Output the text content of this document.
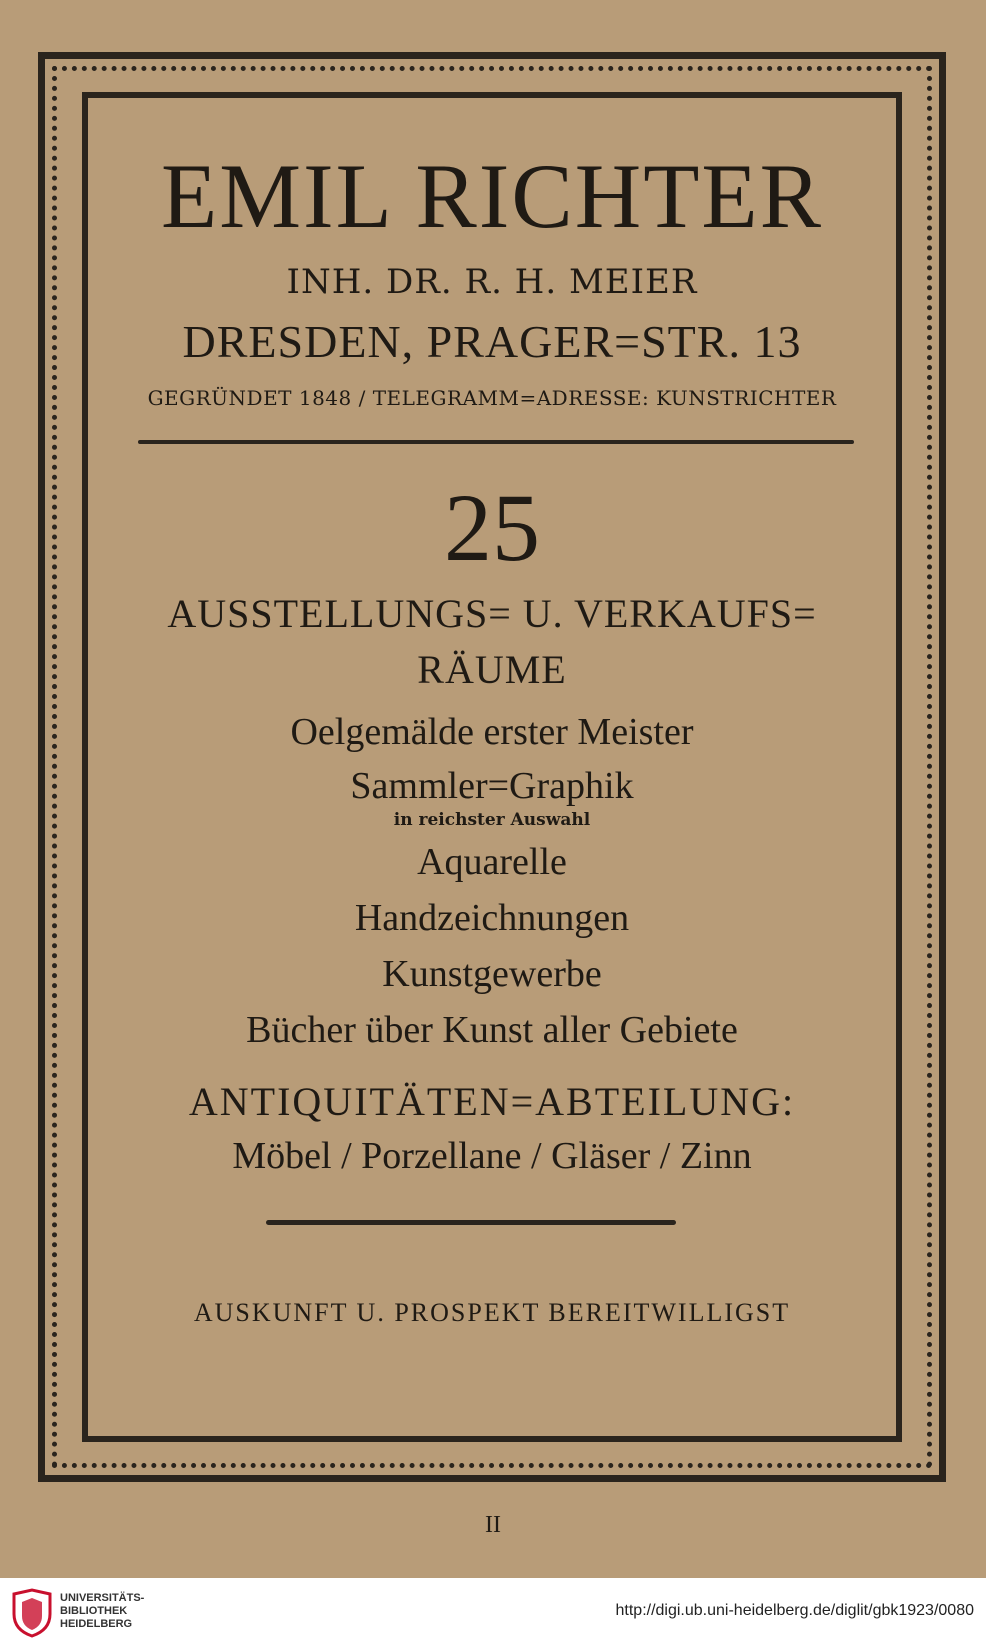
EMIL RICHTER
INH. DR. R. H. MEIER
DRESDEN, PRAGER=STR. 13
GEGRÜNDET 1848 / TELEGRAMM=ADRESSE: KUNSTRICHTER
25
AUSSTELLUNGS= U. VERKAUFS=
RÄUME
Oelgemälde erster Meister
Sammler=Graphik
in reichster Auswahl
Aquarelle
Handzeichnungen
Kunstgewerbe
Bücher über Kunst aller Gebiete
ANTIQUITÄTEN=ABTEILUNG:
Möbel / Porzellane / Gläser / Zinn
AUSKUNFT U. PROSPEKT BEREITWILLIGST
II
UNIVERSITÄTS-
BIBLIOTHEK
HEIDELBERG
http://digi.ub.uni-heidelberg.de/diglit/gbk1923/0080
